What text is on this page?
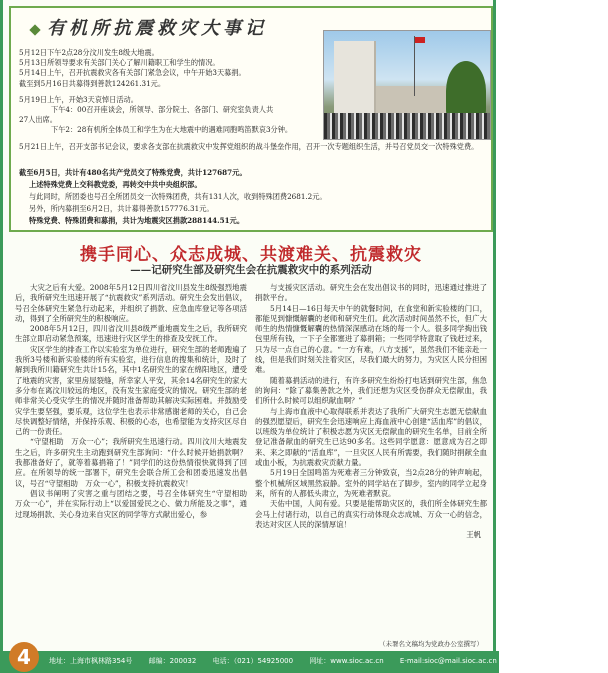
有机所抗震救灾大事记

5月12日下午2点28分汶川发生8级大地震。

5月13日所领导要求有关部门关心了解川籍职工和学生的情况。

5月14日上午，召开抗震救灾各有关部门紧急会议，中午开始3天募捐。

截至到5月16日共募得到善款124261.31元。

5月19日上午，开始3天哀悼日活动。

下午4：00召开座谈会，所领导、部分院士、各部门、研究室负责人共

27人出席。

下午2：28有机所全体员工和学生为在大地震中的遇难同胞鸣笛默哀3分钟。

5月21日上午，召开支部书记会议，要求各支部在抗震救灾中发挥党组织的战斗堡垒作用，召开一次专题组织生活，并号召党员交一次特殊党费。
截至6月5日，共计有480名共产党员交了特殊党费，共计127687元。
上述特殊党费上交科教党委，再转交中共中央组织部。
与此同时，所团委也号召全所团员交一次特殊团费，共有131人次，收到特殊团费2681.2元。
另外，所内募捐至6月2日，共计募得善款157776.31元。
特殊党费、特殊团费和募捐，共计为地震灾区捐款288144.51元。
携手同心、众志成城、共渡难关、抗震救灾
——记研究生部及研究生会在抗震救灾中的系列活动

大灾之后有大爱。2008年5月12日四川省汶川县发生8级强烈地震后，我所研究生迅速开展了“抗震救灾”系列活动。研究生会发出倡议，号召全体研究生紧急行动起来，并组织了捐款、应急血库登记等各项活动，得到了全所研究生的积极响应。

2008年5月12日，四川省汶川县8级严重地震发生之后，我所研究生部立即启动紧急预案，迅速进行灾区学生的排查及安抚工作。

灾区学生的排查工作以实验室为单位进行，研究生部的老师跑遍了我所3号楼和新实验楼的所有实验室，进行信息的搜集和统计，及时了解到我所川籍研究生共计15名，其中1名研究生的家在绵阳地区，遭受了地震的灾害，家里房屋裂缝，所幸家人平安，其余14名研究生的家大多分布在离汶川较远的地区，没有发生家庭受灾的情况。研究生部的老师非常关心受灾学生的情况并随时准备帮助其解决实际困难。并鼓励受灾学生要坚强，要乐观，这位学生也表示非常感谢老师的关心，自己会尽快调整好情绪，并保持乐观、积极的心态，也希望能为支持灾区尽自己的一份责任。

“守望相助　万众一心”；我所研究生迅速行动。四川汶川大地震发生之后，许多研究生主动跑到研究生部询问：“什么时候开始捐款啊？我都准备好了，就等着募捐箱了！”同学们的这份热情很快就得到了回应。在所领导的统一部署下，研究生会联合所工会和团委迅速发出倡议，号召“守望相助　万众一心”，积极支持抗震救灾！

倡议书阐明了灾害之重与团结之要，号召全体研究生“守望相助　万众一心”，并在实际行动上“以爱国爱民之心、做力所能及之事”，通过现场捐款、关心身边来自灾区的同学等方式献出爱心，参

与支援灾区活动。研究生会在发出倡议书的同时，迅速通过推进了捐款平台。

5月14日—16日每天中午的就餐时间，在食堂和新实验楼的门口，都能见到慷慨解囊的老师和研究生们。此次活动时间虽然不长，但广大师生的热情慷慨解囊的热情深深感动在场的每一个人。很多同学掏出钱包里所有钱，一下子全都塞进了募捐箱；一些同学特意取了钱赶过来，只为尽一点自己的心意。“一方有难，八方支援”，虽然我们不能亲赴一线，但是我们时刻关注着灾区，尽我们最大的努力，为灾区人民分担困难。

随着募捐活动的进行，有许多研究生纷纷打电话到研究生部，焦急的询问：“除了募集善款之外，我们还想为灾区受伤群众无偿献血，我们所什么时候可以组织献血啊？”

与上海市血液中心取得联系并表达了我所广大研究生志愿无偿献血的强烈愿望后，研究生会迅速响应上海血液中心创建“活血库”的倡议，以班级为单位统计了积极志愿为灾区无偿献血的研究生名单，目前全所登记准备献血的研究生已达90多名。这些同学愿意：愿意成为召之即来、来之即献的“活血库”，一旦灾区人民有所需要，我们随时捐献全血或血小板，为抗震救灾贡献力量。

5月19日全国鸣笛为死难者三分钟致哀，当2点28分的钟声响起，整个机械所区域黑然寂静。室外的同学站在了脚步，室内的同学立起身来，所有的人都低头肃立，为死难者默哀。

天佑中国，人间有爱。只要是能帮助灾区的，我们所全体研究生都会马上付诸行动，以自己的真实行动体现众志成城、万众一心的信念，表达对灾区人民的深情厚谊！

王帆

（未署名文稿均为党政办公室撰写）
4	地址：上海市枫林路354号 邮编：200032 电话：（021）54925000 网址：www.sioc.ac.cn E-mail:sioc@mail.sioc.ac.cn 传真：（021）64166128
